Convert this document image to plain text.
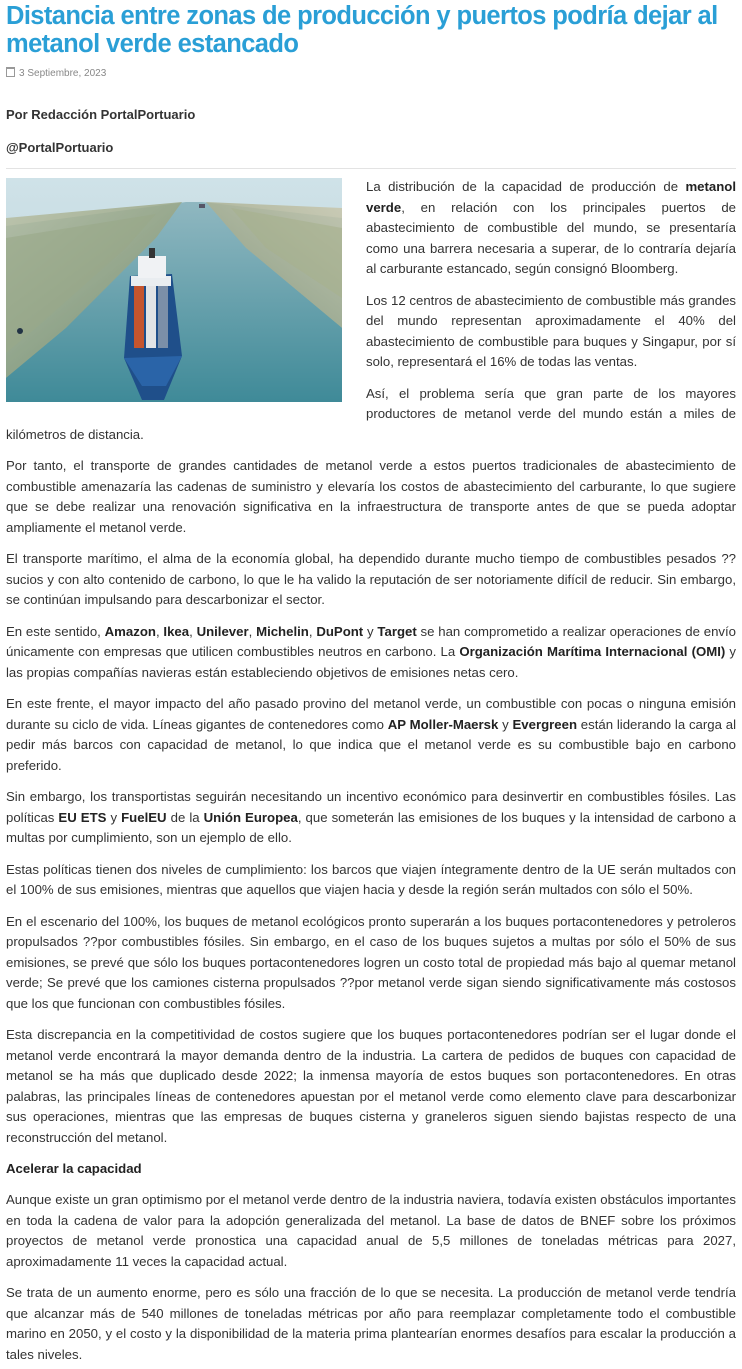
Distancia entre zonas de producción y puertos podría dejar al metanol verde estancado
3 Septiembre, 2023
Por Redacción PortalPortuario
@PortalPortuario

La distribución de la capacidad de producción de metanol verde, en relación con los principales puertos de abastecimiento de combustible del mundo, se presentaría como una barrera necesaria a superar, de lo contraría dejaría al carburante estancado, según consignó Bloomberg.

Los 12 centros de abastecimiento de combustible más grandes del mundo representan aproximadamente el 40% del abastecimiento de combustible para buques y Singapur, por sí solo, representará el 16% de todas las ventas.

Así, el problema sería que gran parte de los mayores productores de metanol verde del mundo están a miles de kilómetros de distancia.

Por tanto, el transporte de grandes cantidades de metanol verde a estos puertos tradicionales de abastecimiento de combustible amenazaría las cadenas de suministro y elevaría los costos de abastecimiento del carburante, lo que sugiere que se debe realizar una renovación significativa en la infraestructura de transporte antes de que se pueda adoptar ampliamente el metanol verde.

El transporte marítimo, el alma de la economía global, ha dependido durante mucho tiempo de combustibles pesados ??sucios y con alto contenido de carbono, lo que le ha valido la reputación de ser notoriamente difícil de reducir. Sin embargo, se continúan impulsando para descarbonizar el sector.

En este sentido, Amazon, Ikea, Unilever, Michelin, DuPont y Target se han comprometido a realizar operaciones de envío únicamente con empresas que utilicen combustibles neutros en carbono. La Organización Marítima Internacional (OMI) y las propias compañías navieras están estableciendo objetivos de emisiones netas cero.

En este frente, el mayor impacto del año pasado provino del metanol verde, un combustible con pocas o ninguna emisión durante su ciclo de vida. Líneas gigantes de contenedores como AP Moller-Maersk y Evergreen están liderando la carga al pedir más barcos con capacidad de metanol, lo que indica que el metanol verde es su combustible bajo en carbono preferido.

Sin embargo, los transportistas seguirán necesitando un incentivo económico para desinvertir en combustibles fósiles. Las políticas EU ETS y FuelEU de la Unión Europea, que someterán las emisiones de los buques y la intensidad de carbono a multas por cumplimiento, son un ejemplo de ello.

Estas políticas tienen dos niveles de cumplimiento: los barcos que viajen íntegramente dentro de la UE serán multados con el 100% de sus emisiones, mientras que aquellos que viajen hacia y desde la región serán multados con sólo el 50%.

En el escenario del 100%, los buques de metanol ecológicos pronto superarán a los buques portacontenedores y petroleros propulsados ??por combustibles fósiles. Sin embargo, en el caso de los buques sujetos a multas por sólo el 50% de sus emisiones, se prevé que sólo los buques portacontenedores logren un costo total de propiedad más bajo al quemar metanol verde; Se prevé que los camiones cisterna propulsados ??por metanol verde sigan siendo significativamente más costosos que los que funcionan con combustibles fósiles.

Esta discrepancia en la competitividad de costos sugiere que los buques portacontenedores podrían ser el lugar donde el metanol verde encontrará la mayor demanda dentro de la industria. La cartera de pedidos de buques con capacidad de metanol se ha más que duplicado desde 2022; la inmensa mayoría de estos buques son portacontenedores. En otras palabras, las principales líneas de contenedores apuestan por el metanol verde como elemento clave para descarbonizar sus operaciones, mientras que las empresas de buques cisterna y graneleros siguen siendo bajistas respecto de una reconstrucción del metanol.

Acelerar la capacidad

Aunque existe un gran optimismo por el metanol verde dentro de la industria naviera, todavía existen obstáculos importantes en toda la cadena de valor para la adopción generalizada del metanol. La base de datos de BNEF sobre los próximos proyectos de metanol verde pronostica una capacidad anual de 5,5 millones de toneladas métricas para 2027, aproximadamente 11 veces la capacidad actual.

Se trata de un aumento enorme, pero es sólo una fracción de lo que se necesita. La producción de metanol verde tendría que alcanzar más de 540 millones de toneladas métricas por año para reemplazar completamente todo el combustible marino en 2050, y el costo y la disponibilidad de la materia prima plantearían enormes desafíos para escalar la producción a tales niveles.
